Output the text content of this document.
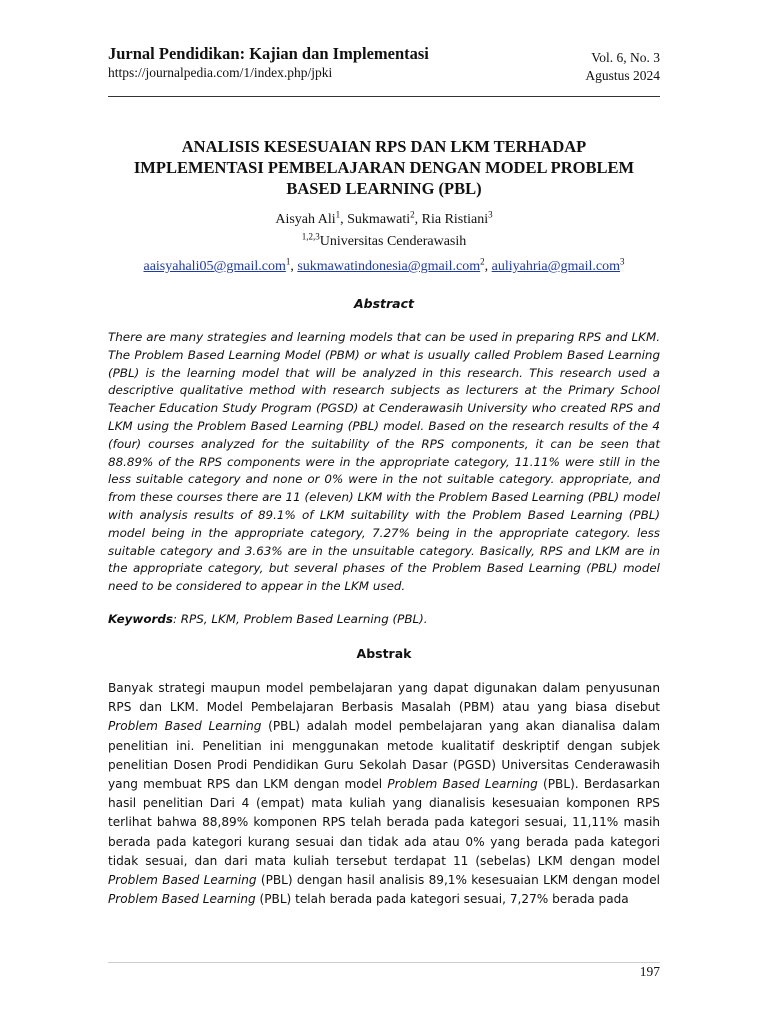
Jurnal Pendidikan: Kajian dan Implementasi
https://journalpedia.com/1/index.php/jpki
Vol. 6, No. 3
Agustus 2024
ANALISIS KESESUAIAN RPS DAN LKM TERHADAP
IMPLEMENTASI PEMBELAJARAN DENGAN MODEL PROBLEM
BASED LEARNING (PBL)
Aisyah Ali$^1$, Sukmawati$^2$, Ria Ristiani$^3$
$^{1,2,3}$Universitas Cenderawasih
aaisyahali05@gmail.com$^1$, sukmawatindonesia@gmail.com$^2$, auliyahria@gmail.com$^3$
Abstract
There are many strategies and learning models that can be used in preparing RPS and LKM. The Problem Based Learning Model (PBM) or what is usually called Problem Based Learning (PBL) is the learning model that will be analyzed in this research. This research used a descriptive qualitative method with research subjects as lecturers at the Primary School Teacher Education Study Program (PGSD) at Cenderawasih University who created RPS and LKM using the Problem Based Learning (PBL) model. Based on the research results of the 4 (four) courses analyzed for the suitability of the RPS components, it can be seen that 88.89% of the RPS components were in the appropriate category, 11.11% were still in the less suitable category and none or 0% were in the not suitable category. appropriate, and from these courses there are 11 (eleven) LKM with the Problem Based Learning (PBL) model with analysis results of 89.1% of LKM suitability with the Problem Based Learning (PBL) model being in the appropriate category, 7.27% being in the appropriate category. less suitable category and 3.63% are in the unsuitable category. Basically, RPS and LKM are in the appropriate category, but several phases of the Problem Based Learning (PBL) model need to be considered to appear in the LKM used.
Keywords: RPS, LKM, Problem Based Learning (PBL).
Abstrak
Banyak strategi maupun model pembelajaran yang dapat digunakan dalam penyusunan RPS dan LKM. Model Pembelajaran Berbasis Masalah (PBM) atau yang biasa disebut Problem Based Learning (PBL) adalah model pembelajaran yang akan dianalisa dalam penelitian ini. Penelitian ini menggunakan metode kualitatif deskriptif dengan subjek penelitian Dosen Prodi Pendidikan Guru Sekolah Dasar (PGSD) Universitas Cenderawasih yang membuat RPS dan LKM dengan model Problem Based Learning (PBL). Berdasarkan hasil penelitian Dari 4 (empat) mata kuliah yang dianalisis kesesuaian komponen RPS terlihat bahwa 88,89% komponen RPS telah berada pada kategori sesuai, 11,11% masih berada pada kategori kurang sesuai dan tidak ada atau 0% yang berada pada kategori tidak sesuai, dan dari mata kuliah tersebut terdapat 11 (sebelas) LKM dengan model Problem Based Learning (PBL) dengan hasil analisis 89,1% kesesuaian LKM dengan model Problem Based Learning (PBL) telah berada pada kategori sesuai, 7,27% berada pada
197
